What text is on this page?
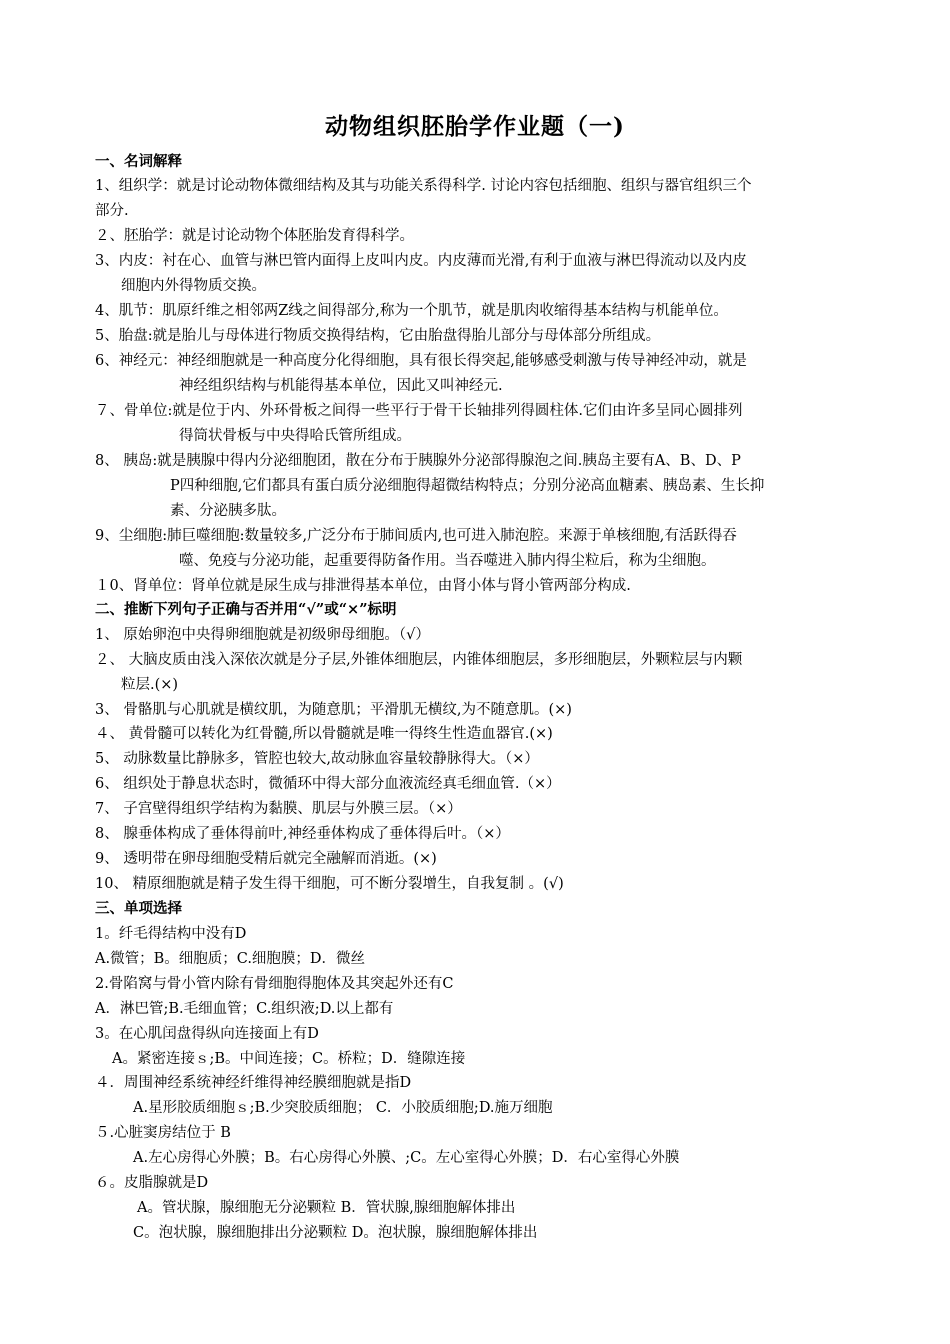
动物组织胚胎学作业题（一)
一、名词解释
1、组织学：就是讨论动物体微细结构及其与功能关系得科学. 讨论内容包括细胞、组织与器官组织三个
部分.
２、胚胎学：就是讨论动物个体胚胎发育得科学。
3、内皮：衬在心、血管与淋巴管内面得上皮叫内皮。内皮薄而光滑,有利于血液与淋巴得流动以及内皮
细胞内外得物质交换。
4、肌节：肌原纤维之相邻两Z线之间得部分,称为一个肌节，就是肌肉收缩得基本结构与机能单位。
5、胎盘:就是胎儿与母体进行物质交换得结构，它由胎盘得胎儿部分与母体部分所组成。
6、神经元：神经细胞就是一种高度分化得细胞，具有很长得突起,能够感受刺激与传导神经冲动，就是
神经组织结构与机能得基本单位，因此又叫神经元.
７、骨单位:就是位于内、外环骨板之间得一些平行于骨干长轴排列得圆柱体.它们由许多呈同心圆排列
得筒状骨板与中央得哈氏管所组成。
8、 胰岛:就是胰腺中得内分泌细胞团，散在分布于胰腺外分泌部得腺泡之间.胰岛主要有A、B、D、P
P四种细胞,它们都具有蛋白质分泌细胞得超微结构特点；分别分泌高血糖素、胰岛素、生长抑
素、分泌胰多肽。
9、尘细胞:肺巨噬细胞:数量较多,广泛分布于肺间质内,也可进入肺泡腔。来源于单核细胞,有活跃得吞
噬、免疫与分泌功能，起重要得防备作用。当吞噬进入肺内得尘粒后，称为尘细胞。
１0、肾单位：肾单位就是尿生成与排泄得基本单位，由肾小体与肾小管两部分构成.
二、推断下列句子正确与否并用“√”或“×”标明
1、 原始卵泡中央得卵细胞就是初级卵母细胞。（√）
２、 大脑皮质由浅入深依次就是分子层,外锥体细胞层，内锥体细胞层，多形细胞层，外颗粒层与内颗
粒层.(×)
3、 骨骼肌与心肌就是横纹肌，为随意肌；平滑肌无横纹,为不随意肌。(×)
４、 黄骨髓可以转化为红骨髓,所以骨髓就是唯一得终生性造血器官.(×)
5、 动脉数量比静脉多，管腔也较大,故动脉血容量较静脉得大。（×）
6、 组织处于静息状态时，微循环中得大部分血液流经真毛细血管.（×）
7、 子宫壁得组织学结构为黏膜、肌层与外膜三层。（×）
8、 腺垂体构成了垂体得前叶,神经垂体构成了垂体得后叶。（×）
9、 透明带在卵母细胞受精后就完全融解而消逝。(×)
10、 精原细胞就是精子发生得干细胞，可不断分裂增生，自我复制 。(√)
三、单项选择
1。纤毛得结构中没有D
A.微管；B。细胞质；C.细胞膜；D．微丝
2.骨陷窝与骨小管内除有骨细胞得胞体及其突起外还有C
A．淋巴管;B.毛细血管；C.组织液;D.以上都有
3。在心肌闰盘得纵向连接面上有D
A。紧密连接ｓ;B。中间连接；C。桥粒；D．缝隙连接
４．周围神经系统神经纤维得神经膜细胞就是指D
A.星形胶质细胞ｓ;B.少突胶质细胞； C．小胶质细胞;D.施万细胞
５.心脏窦房结位于 B
A.左心房得心外膜；B。右心房得心外膜、;C。左心室得心外膜；D．右心室得心外膜
６。皮脂腺就是D
A。管状腺，腺细胞无分泌颗粒 B．管状腺,腺细胞解体排出
C。泡状腺，腺细胞排出分泌颗粒 D。泡状腺，腺细胞解体排出
